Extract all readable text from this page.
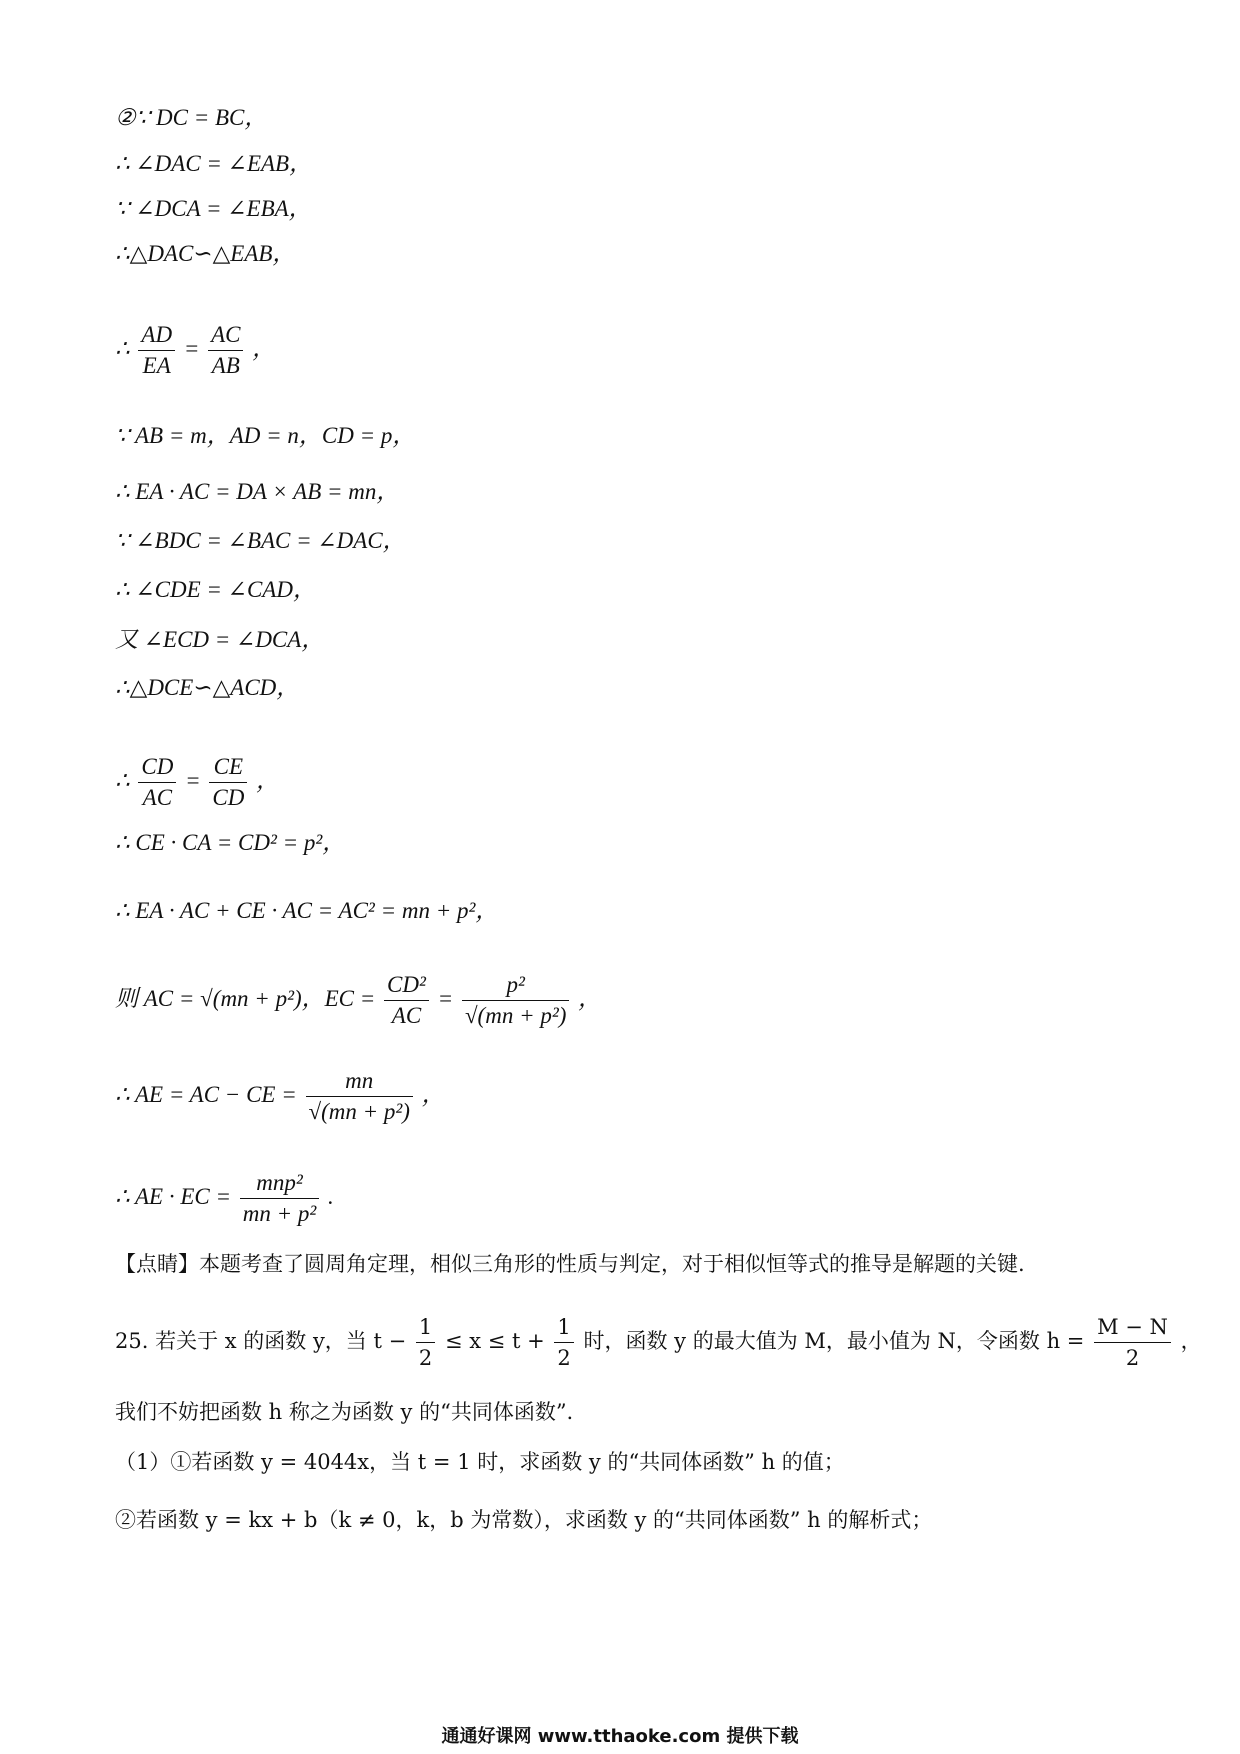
②∵ DC = BC，
∴ ∠DAC = ∠EAB，
∵ ∠DCA = ∠EBA，
∴△DAC∽△EAB，
∴ $\frac{AD}{EA} = \frac{AC}{AB}$ ，
∵ AB = m，AD = n，CD = p，
∴ EA · AC = DA × AB = mn，
∵ ∠BDC = ∠BAC = ∠DAC，
∴ ∠CDE = ∠CAD，
又 ∠ECD = ∠DCA，
∴△DCE∽△ACD，
∴ $\frac{CD}{AC} = \frac{CE}{CD}$ ，
∴ CE · CA = CD² = p²，
∴ EA · AC + CE · AC = AC² = mn + p²，
则 AC = √(mn + p²)，EC = $\frac{\text{CD²}}{AC} = \frac{\text{p²}}{\text{√(mn + p²)}}$ ，
∴ AE = AC − CE = $\frac{mn}{\text{√(mn + p²)}}$ ，
∴ AE · EC = $\frac{\text{mnp²}}{\text{mn + p²}}$ .
【点睛】本题考查了圆周角定理，相似三角形的性质与判定，对于相似恒等式的推导是解题的关键.
25. 若关于 x 的函数 y，当 $t - \frac{1}{2} \le x \le t + \frac{1}{2}$ 时，函数 y 的最大值为 M，最小值为 N，令函数 $h = \frac{M - N}{2}$ ，
我们不妨把函数 h 称之为函数 y 的“共同体函数”.
（1）①若函数 y = 4044x，当 t = 1 时，求函数 y 的“共同体函数” h 的值；
②若函数 y = kx + b（k ≠ 0，k，b 为常数），求函数 y 的“共同体函数” h 的解析式；
通通好课网 www.tthaoke.com 提供下载
